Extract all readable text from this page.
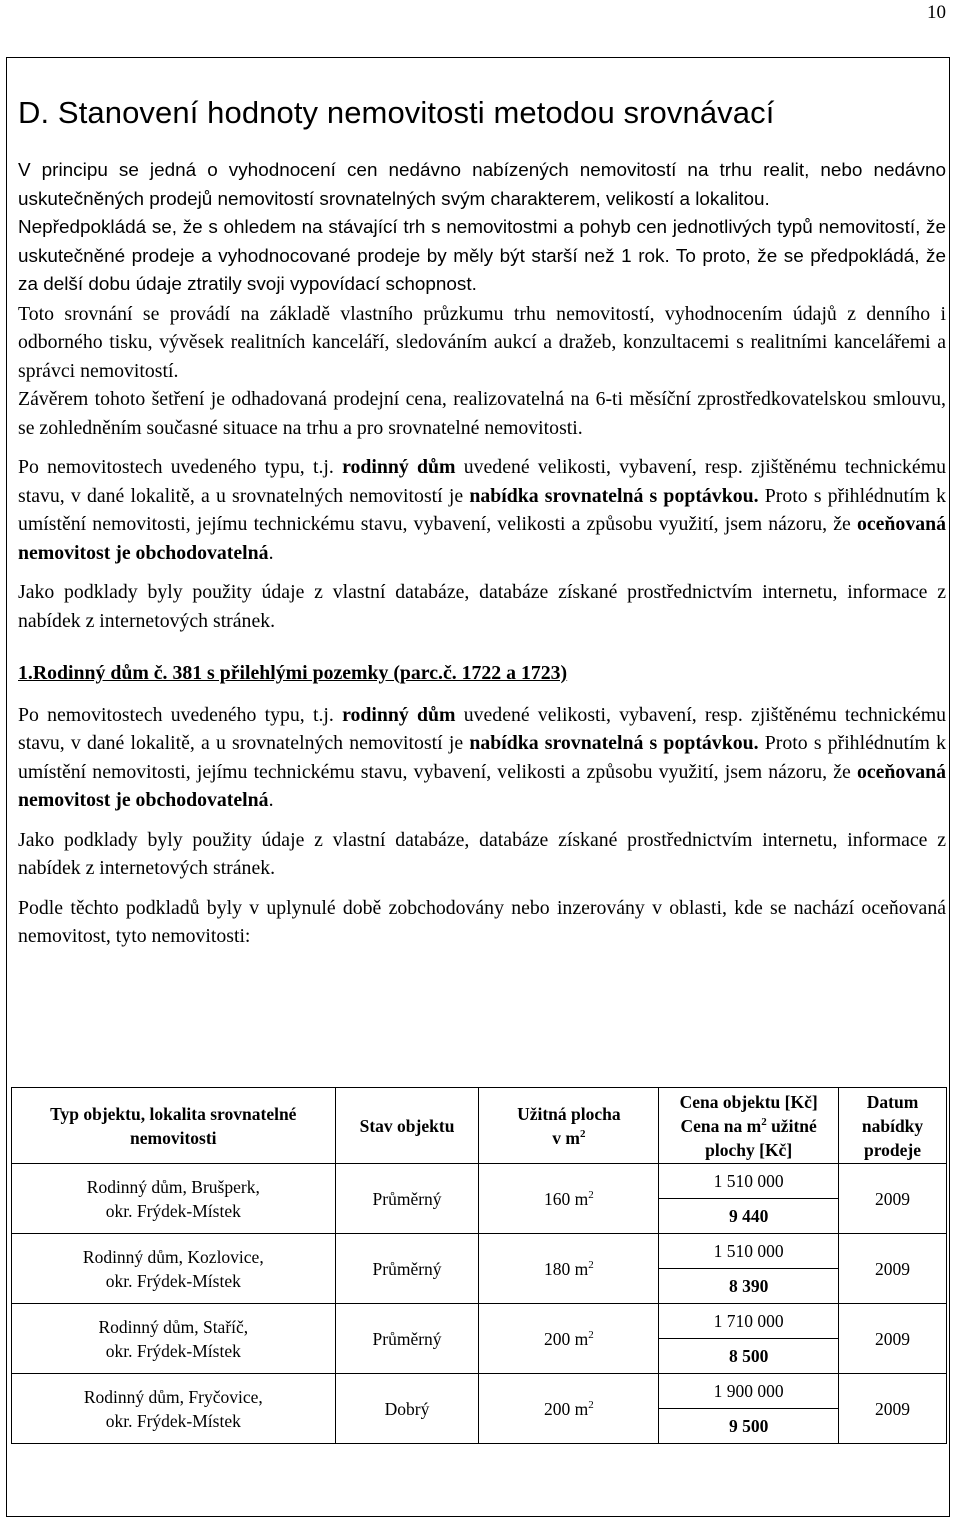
10
D. Stanovení hodnoty nemovitosti metodou srovnávací

V principu se jedná o vyhodnocení cen nedávno nabízených nemovitostí na trhu realit, nebo nedávno uskutečněných prodejů nemovitostí srovnatelných svým charakterem, velikostí a lokalitou.

Nepředpokládá se, že s ohledem na stávající trh s nemovitostmi a pohyb cen jednotlivých typů nemovitostí, že uskutečněné prodeje a vyhodnocované prodeje by měly být starší než 1 rok. To proto, že se předpokládá, že za delší dobu údaje ztratily svoji vypovídací schopnost.

Toto srovnání se provádí na základě vlastního průzkumu trhu nemovitostí, vyhodnocením údajů z denního i odborného tisku, vývěsek realitních kanceláří, sledováním aukcí a dražeb, konzultacemi s realitními kancelářemi a správci nemovitostí.

Závěrem tohoto šetření je odhadovaná prodejní cena, realizovatelná na 6-ti měsíční zprostředkovatelskou smlouvu, se zohledněním současné situace na trhu a pro srovnatelné nemovitosti.

Po nemovitostech uvedeného typu, t.j. rodinný dům uvedené velikosti, vybavení, resp. zjištěnému technickému stavu, v dané lokalitě, a u srovnatelných nemovitostí je nabídka srovnatelná s poptávkou. Proto s přihlédnutím k umístění nemovitosti, jejímu technickému stavu, vybavení, velikosti a způsobu využití, jsem názoru, že oceňovaná nemovitost je obchodovatelná.

Jako podklady byly použity údaje z vlastní databáze, databáze získané prostřednictvím internetu, informace z nabídek z internetových stránek.

1.Rodinný dům č. 381 s přilehlými pozemky (parc.č. 1722 a 1723)

Po nemovitostech uvedeného typu, t.j. rodinný dům uvedené velikosti, vybavení, resp. zjištěnému technickému stavu, v dané lokalitě, a u srovnatelných nemovitostí je nabídka srovnatelná s poptávkou. Proto s přihlédnutím k umístění nemovitosti, jejímu technickému stavu, vybavení, velikosti a způsobu využití, jsem názoru, že oceňovaná nemovitost je obchodovatelná.

Jako podklady byly použity údaje z vlastní databáze, databáze získané prostřednictvím internetu, informace z nabídek z internetových stránek.

Podle těchto podkladů byly v uplynulé době zobchodovány nebo inzerovány v oblasti, kde se nachází oceňovaná nemovitost, tyto nemovitosti:

Typ objektu, lokalita srovnatelné nemovitosti	Stav objektu	Užitná plocha
v $m^2$	Cena objektu [Kč]
Cena na $m^2$ užitné plochy [Kč]	Datum nabídky prodeje
Rodinný dům, Brušperk,
okr. Frýdek-Místek	Průměrný	160 $m^2$	1 510 000	2009
			9 440	
Rodinný dům, Kozlovice,
okr. Frýdek-Místek	Průměrný	180 $m^2$	1 510 000	2009
			8 390	
Rodinný dům, Staříč,
okr. Frýdek-Místek	Průměrný	200 $m^2$	1 710 000	2009
			8 500	
Rodinný dům, Fryčovice,
okr. Frýdek-Místek	Dobrý	200 $m^2$	1 900 000	2009
			9 500	
